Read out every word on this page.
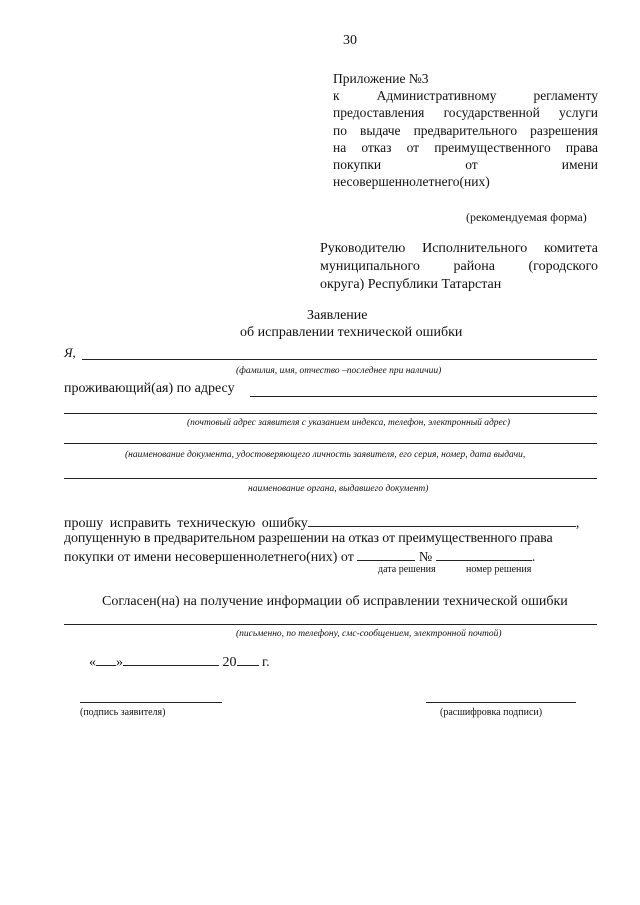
30
Приложение №3
к Административному регламенту
предоставления государственной услуги
по выдаче предварительного разрешения
на отказ от преимущественного права
покупки от имени
несовершеннолетнего(них)
(рекомендуемая форма)
Руководителю Исполнительного комитета
муниципального района (городского
округа) Республики Татарстан
Заявление
об исправлении технической ошибки
Я,
(фамилия, имя, отчество –последнее при наличии)
проживающий(ая) по адресу
(почтовый адрес заявителя с указанием индекса, телефон, электронный адрес)
(наименование документа, удостоверяющего личность заявителя, его серия, номер, дата выдачи,
наименование органа, выдавшего документ)
прошу исправить техническую ошибку	,
допущенную в предварительном разрешении на отказ от преимущественного права
покупки от имени несовершеннолетнего(них) от	№	.
дата решения	номер решения
Согласен(на) на получение информации об исправлении технической ошибки
(письменно, по телефону, смс-сообщением, электронной почтой)
« »	20 г.
(подпись заявителя)	(расшифровка подписи)
